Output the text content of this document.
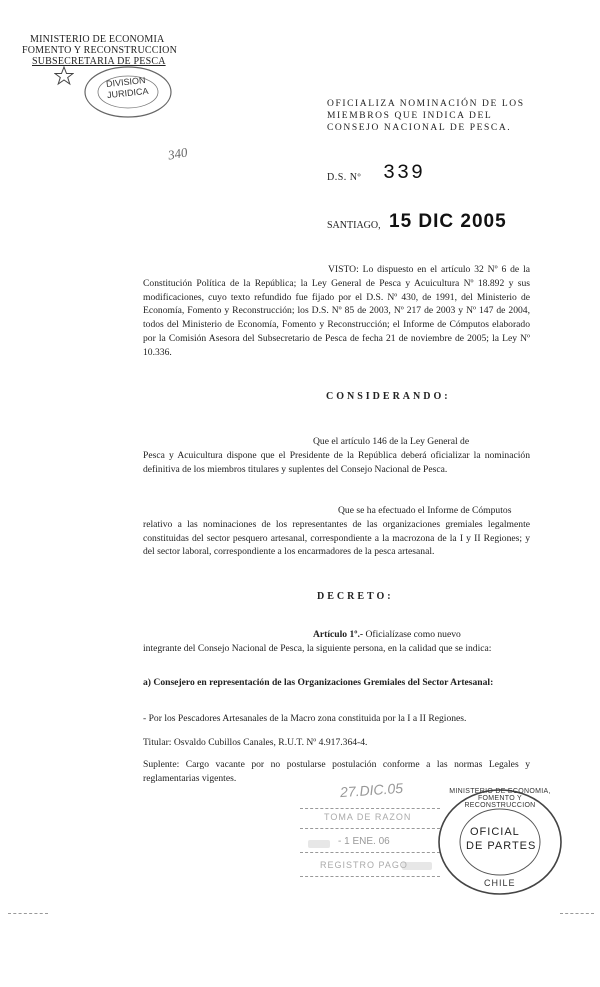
MINISTERIO DE ECONOMIA
FOMENTO Y RECONSTRUCCION
SUBSECRETARIA DE PESCA
DIVISION
JURIDICA
OFICIALIZA NOMINACIÓN DE LOS
MIEMBROS QUE INDICA DEL
CONSEJO NACIONAL DE PESCA.
340
D.S. Nº 339
SANTIAGO, 15 DIC 2005
VISTO: Lo dispuesto en el artículo 32 Nº 6 de la Constitución Política de la República; la Ley General de Pesca y Acuicultura Nº 18.892 y sus modificaciones, cuyo texto refundido fue fijado por el D.S. Nº 430, de 1991, del Ministerio de Economía, Fomento y Reconstrucción; los D.S. Nº 85 de 2003, Nº 217 de 2003 y Nº 147 de 2004, todos del Ministerio de Economía, Fomento y Reconstrucción; el Informe de Cómputos elaborado por la Comisión Asesora del Subsecretario de Pesca de fecha 21 de noviembre de 2005; la Ley Nº 10.336.
CONSIDERANDO:

Que el artículo 146 de la Ley General de

Pesca y Acuicultura dispone que el Presidente de la República deberá oficializar la nominación definitiva de los miembros titulares y suplentes del Consejo Nacional de Pesca.

Que se ha efectuado el Informe de Cómputos

relativo a las nominaciones de los representantes de las organizaciones gremiales legalmente constituidas del sector pesquero artesanal, correspondiente a la macrozona de la I y II Regiones; y del sector laboral, correspondiente a los encarmadores de la pesca artesanal.

DECRETO:

Artículo 1º.- Oficialízase como nuevo

integrante del Consejo Nacional de Pesca, la siguiente persona, en la calidad que se indica:

a) Consejero en representación de las Organizaciones Gremiales del Sector Artesanal:
- Por los Pescadores Artesanales de la Macro zona constituida por la I a II Regiones.
Titular: Osvaldo Cubillos Canales, R.U.T. Nº 4.917.364-4.
Suplente: Cargo vacante por no postularse postulación conforme a las normas Legales y reglamentarias vigentes.
27.DIC.05
TOMA DE RAZON
- 1 ENE. 06
REGISTRO PAGO
MINISTERIO DE ECONOMIA, FOMENTO Y RECONSTRUCCION
OFICIAL
DE PARTES
CHILE
